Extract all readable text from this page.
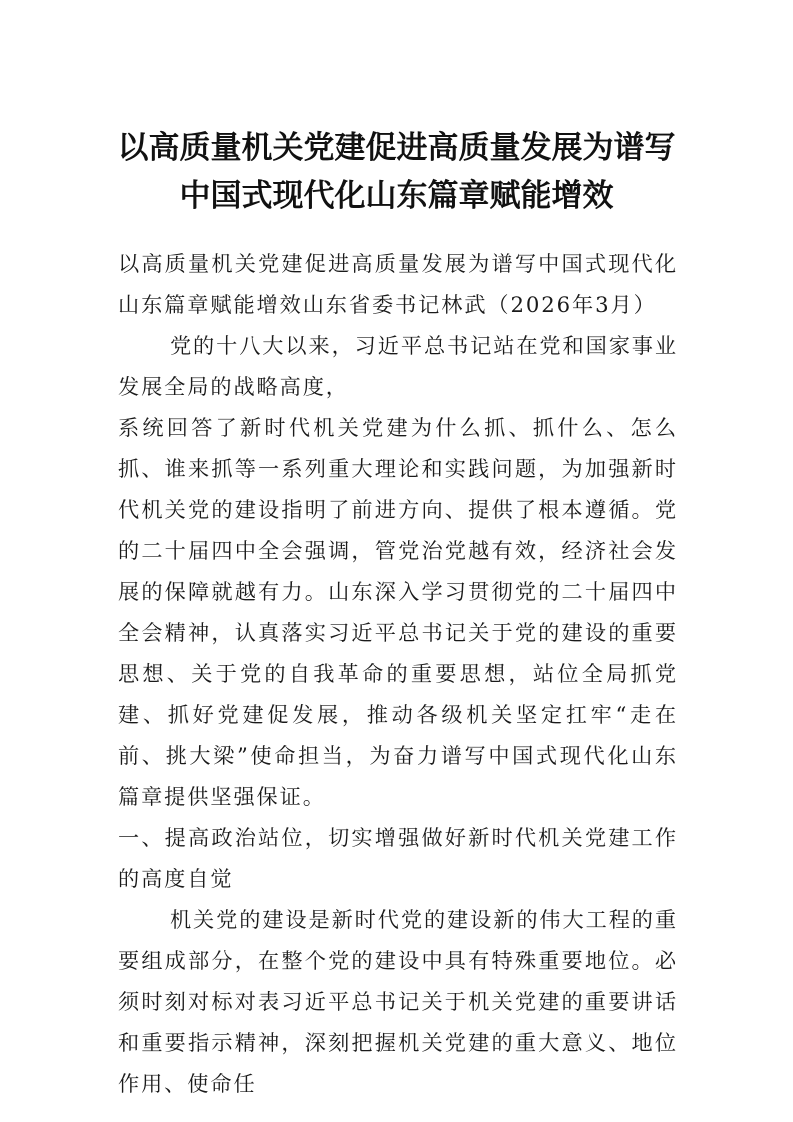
以高质量机关党建促进高质量发展为谱写
中国式现代化山东篇章赋能增效

以高质量机关党建促进高质量发展为谱写中国式现代化山东篇章赋能增效山东省委书记林武（2026年3月）

党的十八大以来，习近平总书记站在党和国家事业发展全局的战略高度，

系统回答了新时代机关党建为什么抓、抓什么、怎么抓、谁来抓等一系列重大理论和实践问题，为加强新时代机关党的建设指明了前进方向、提供了根本遵循。党的二十届四中全会强调，管党治党越有效，经济社会发展的保障就越有力。山东深入学习贯彻党的二十届四中全会精神，认真落实习近平总书记关于党的建设的重要思想、关于党的自我革命的重要思想，站位全局抓党建、抓好党建促发展，推动各级机关坚定扛牢“走在前、挑大梁”使命担当，为奋力谱写中国式现代化山东篇章提供坚强保证。

一、提高政治站位，切实增强做好新时代机关党建工作的高度自觉

机关党的建设是新时代党的建设新的伟大工程的重要组成部分，在整个党的建设中具有特殊重要地位。必须时刻对标对表习近平总书记关于机关党建的重要讲话和重要指示精神，深刻把握机关党建的重大意义、地位作用、使命任
